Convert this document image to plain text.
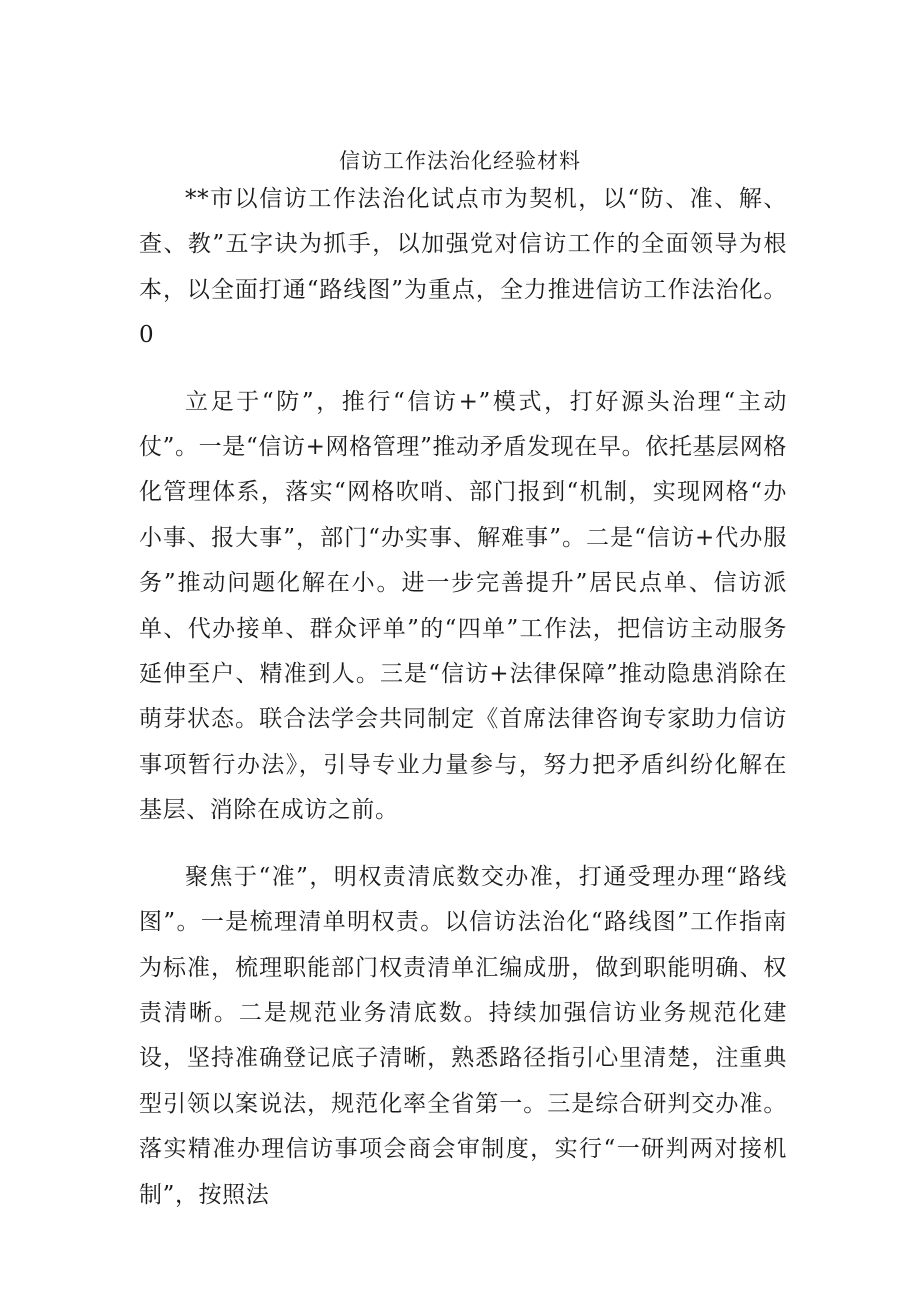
信访工作法治化经验材料

**市以信访工作法治化试点市为契机，以“防、准、解、查、教”五字诀为抓手，以加强党对信访工作的全面领导为根本，以全面打通“路线图”为重点，全力推进信访工作法治化。0

立足于“防”，推行“信访+”模式，打好源头治理“主动仗”。一是“信访+网格管理”推动矛盾发现在早。依托基层网格化管理体系，落实“网格吹哨、部门报到“机制，实现网格“办小事、报大事”，部门“办实事、解难事”。二是“信访+代办服务”推动问题化解在小。进一步完善提升”居民点单、信访派单、代办接单、群众评单”的“四单”工作法，把信访主动服务延伸至户、精准到人。三是“信访+法律保障”推动隐患消除在萌芽状态。联合法学会共同制定《首席法律咨询专家助力信访事项暂行办法》，引导专业力量参与，努力把矛盾纠纷化解在基层、消除在成访之前。

聚焦于“准”，明权责清底数交办准，打通受理办理“路线图”。一是梳理清单明权责。以信访法治化“路线图”工作指南为标准，梳理职能部门权责清单汇编成册，做到职能明确、权责清晰。二是规范业务清底数。持续加强信访业务规范化建设，坚持准确登记底子清晰，熟悉路径指引心里清楚，注重典型引领以案说法，规范化率全省第一。三是综合研判交办准。落实精准办理信访事项会商会审制度，实行“一研判两对接机制”，按照法
